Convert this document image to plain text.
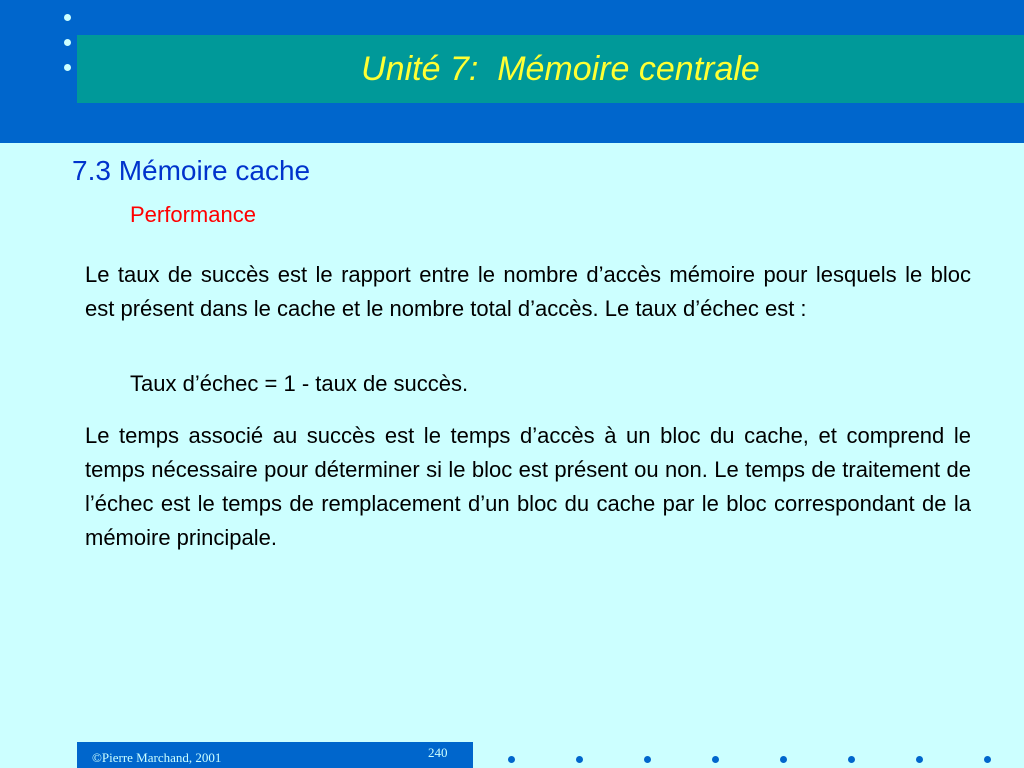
Unité 7:  Mémoire centrale
7.3 Mémoire cache
Performance
Le taux de succès est le rapport entre le nombre d’accès mémoire pour lesquels le bloc est présent dans le cache et le nombre total d’accès. Le taux d’échec est :
Taux d’échec = 1 - taux de succès.
Le temps associé au succès est le temps d’accès à un bloc du cache, et comprend le temps nécessaire pour déterminer si le bloc est présent ou non. Le temps de traitement de l’échec est le temps de remplacement d’un bloc du cache par le bloc correspondant de la mémoire principale.
©Pierre Marchand, 2001	240
